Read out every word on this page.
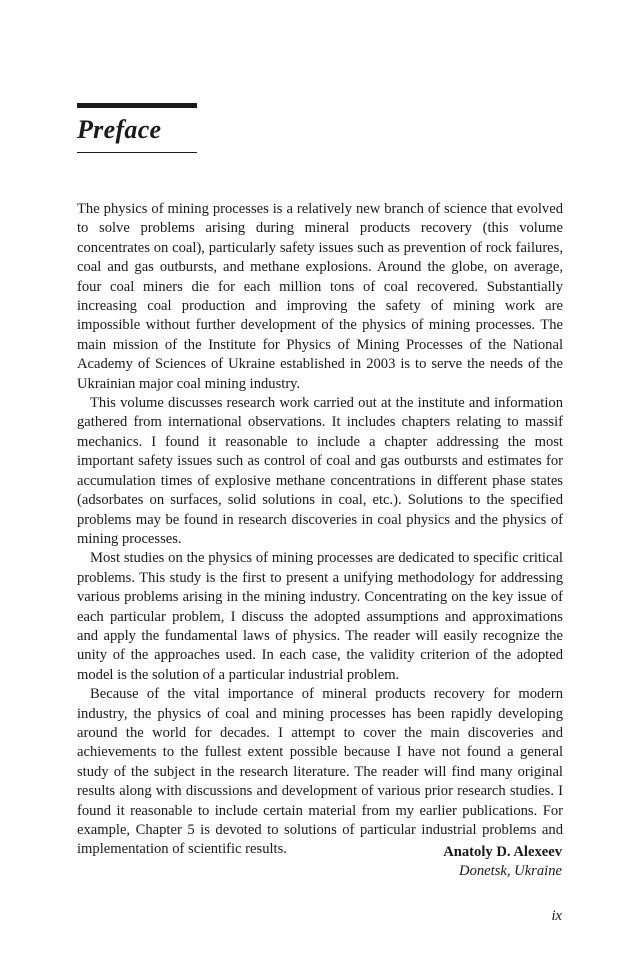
Preface

The physics of mining processes is a relatively new branch of science that evolved to solve problems arising during mineral products recovery (this volume concentrates on coal), particularly safety issues such as prevention of rock failures, coal and gas outbursts, and methane explosions. Around the globe, on average, four coal miners die for each million tons of coal recovered. Substantially increasing coal production and improving the safety of mining work are impossible without further development of the physics of mining processes. The main mission of the Institute for Physics of Mining Processes of the National Academy of Sciences of Ukraine established in 2003 is to serve the needs of the Ukrainian major coal mining industry.

This volume discusses research work carried out at the institute and information gathered from international observations. It includes chapters relating to massif mechanics. I found it reasonable to include a chapter addressing the most important safety issues such as control of coal and gas outbursts and estimates for accumulation times of explosive methane concentrations in different phase states (adsorbates on surfaces, solid solutions in coal, etc.). Solutions to the specified problems may be found in research discoveries in coal physics and the physics of mining processes.

Most studies on the physics of mining processes are dedicated to specific critical problems. This study is the first to present a unifying methodology for addressing various problems arising in the mining industry. Concentrating on the key issue of each particular problem, I discuss the adopted assumptions and approximations and apply the fundamental laws of physics. The reader will easily recognize the unity of the approaches used. In each case, the validity criterion of the adopted model is the solution of a particular industrial problem.

Because of the vital importance of mineral products recovery for modern industry, the physics of coal and mining processes has been rapidly developing around the world for decades. I attempt to cover the main discoveries and achievements to the fullest extent possible because I have not found a general study of the subject in the research literature. The reader will find many original results along with discussions and development of various prior research studies. I found it reasonable to include certain material from my earlier publications. For example, Chapter 5 is devoted to solutions of particular industrial problems and implementation of scientific results.	Anatoly D. Alexeev
Donetsk, Ukraine
ix
